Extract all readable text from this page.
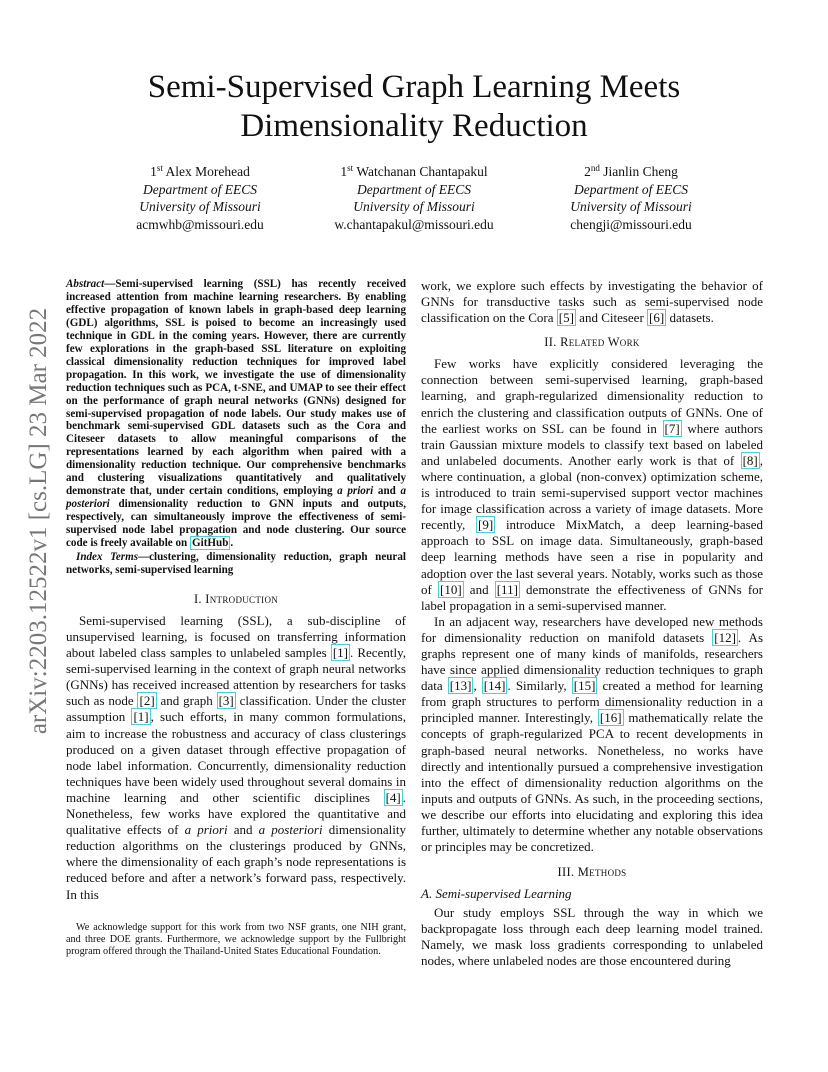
Semi-Supervised Graph Learning Meets
Dimensionality Reduction
1st Alex Morehead
Department of EECS
University of Missouri
acmwhb@missouri.edu
1st Watchanan Chantapakul
Department of EECS
University of Missouri
w.chantapakul@missouri.edu
2nd Jianlin Cheng
Department of EECS
University of Missouri
chengji@missouri.edu
arXiv:2203.12522v1 [cs.LG] 23 Mar 2022

Abstract—Semi-supervised learning (SSL) has recently received increased attention from machine learning researchers. By enabling effective propagation of known labels in graph-based deep learning (GDL) algorithms, SSL is poised to become an increasingly used technique in GDL in the coming years. However, there are currently few explorations in the graph-based SSL literature on exploiting classical dimensionality reduction techniques for improved label propagation. In this work, we investigate the use of dimensionality reduction techniques such as PCA, t-SNE, and UMAP to see their effect on the performance of graph neural networks (GNNs) designed for semi-supervised propagation of node labels. Our study makes use of benchmark semi-supervised GDL datasets such as the Cora and Citeseer datasets to allow meaningful comparisons of the representations learned by each algorithm when paired with a dimensionality reduction technique. Our comprehensive benchmarks and clustering visualizations quantitatively and qualitatively demonstrate that, under certain conditions, employing a priori and a posteriori dimensionality reduction to GNN inputs and outputs, respectively, can simultaneously improve the effectiveness of semi-supervised node label propagation and node clustering. Our source code is freely available on GitHub .

Index Terms—clustering, dimensionality reduction, graph neural networks, semi-supervised learning

I. Introduction

Semi-supervised learning (SSL), a sub-discipline of unsupervised learning, is focused on transferring information about labeled class samples to unlabeled samples [1] . Recently, semi-supervised learning in the context of graph neural networks (GNNs) has received increased attention by researchers for tasks such as node [2] and graph [3] classification. Under the cluster assumption [1] , such efforts, in many common formulations, aim to increase the robustness and accuracy of class clusterings produced on a given dataset through effective propagation of node label information. Concurrently, dimensionality reduction techniques have been widely used throughout several domains in machine learning and other scientific disciplines [4] . Nonetheless, few works have explored the quantitative and qualitative effects of a priori and a posteriori dimensionality reduction algorithms on the clusterings produced by GNNs, where the dimensionality of each graph’s node representations is reduced before and after a network’s forward pass, respectively. In this

We acknowledge support for this work from two NSF grants, one NIH grant, and three DOE grants. Furthermore, we acknowledge support by the Fullbright program offered through the Thailand-United States Educational Foundation.

work, we explore such effects by investigating the behavior of GNNs for transductive tasks such as semi-supervised node classification on the Cora [5] and Citeseer [6] datasets.

II. Related Work

Few works have explicitly considered leveraging the connection between semi-supervised learning, graph-based learning, and graph-regularized dimensionality reduction to enrich the clustering and classification outputs of GNNs. One of the earliest works on SSL can be found in [7] where authors train Gaussian mixture models to classify text based on labeled and unlabeled documents. Another early work is that of [8] , where continuation, a global (non-convex) optimization scheme, is introduced to train semi-supervised support vector machines for image classification across a variety of image datasets. More recently, [9] introduce MixMatch, a deep learning-based approach to SSL on image data. Simultaneously, graph-based deep learning methods have seen a rise in popularity and adoption over the last several years. Notably, works such as those of [10] and [11] demonstrate the effectiveness of GNNs for label propagation in a semi-supervised manner.

In an adjacent way, researchers have developed new methods for dimensionality reduction on manifold datasets [12] . As graphs represent one of many kinds of manifolds, researchers have since applied dimensionality reduction techniques to graph data [13] , [14] . Similarly, [15] created a method for learning from graph structures to perform dimensionality reduction in a principled manner. Interestingly, [16] mathematically relate the concepts of graph-regularized PCA to recent developments in graph-based neural networks. Nonetheless, no works have directly and intentionally pursued a comprehensive investigation into the effect of dimensionality reduction algorithms on the inputs and outputs of GNNs. As such, in the proceeding sections, we describe our efforts into elucidating and exploring this idea further, ultimately to determine whether any notable observations or principles may be concretized.

III. Methods
A. Semi-supervised Learning

Our study employs SSL through the way in which we backpropagate loss through each deep learning model trained. Namely, we mask loss gradients corresponding to unlabeled nodes, where unlabeled nodes are those encountered during
